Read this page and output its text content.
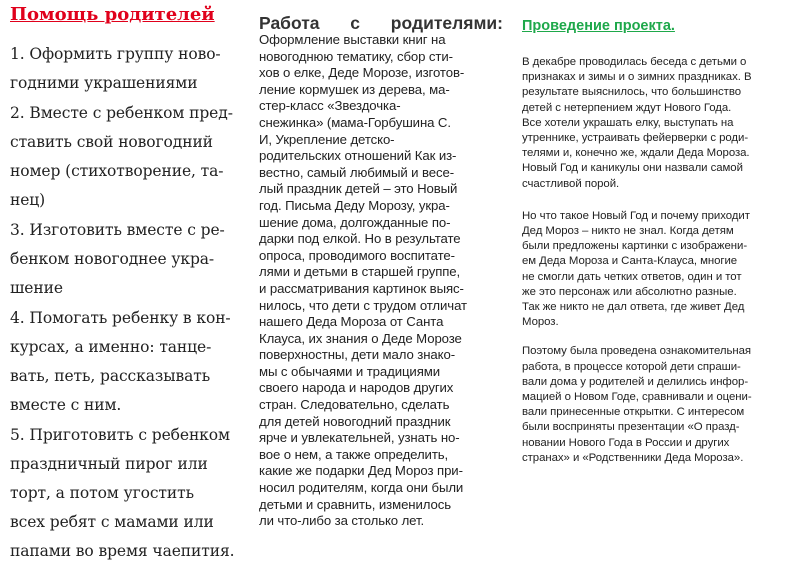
Помощь родителей

1. Оформить группу ново-
годними украшениями

2. Вместе с ребенком пред-
ставить свой новогодний
номер (стихотворение, та-
нец)

3. Изготовить вместе с ре-
бенком новогоднее укра-
шение

4. Помогать ребенку в кон-
курсах, а именно: танце-
вать, петь, рассказывать
вместе с ним.

5. Приготовить с ребенком
праздничный пирог или
торт, а потом угостить
всех ребят с мамами или
папами во время чаепития.

Работа с родителями:

Оформление выставки книг на
новогоднюю тематику, сбор сти-
хов о елке, Деде Морозе, изготов-
ление кормушек из дерева, ма-
стер-класс «Звездочка-
снежинка» (мама-Горбушина С.
И, Укрепление детско-
родительских отношений Как из-
вестно, самый любимый и весе-
лый праздник детей – это Новый
год. Письма Деду Морозу, укра-
шение дома, долгожданные по-
дарки под елкой. Но в результате
опроса, проводимого воспитате-
лями и детьми в старшей группе,
и рассматривания картинок выяс-
нилось, что дети с трудом отличат
нашего Деда Мороза от Санта
Клауса, их знания о Деде Морозе
поверхностны, дети мало знако-
мы с обычаями и традициями
своего народа и народов других
стран. Следовательно, сделать
для детей новогодний праздник
ярче и увлекательней, узнать но-
вое о нем, а также определить,
какие же подарки Дед Мороз при-
носил родителям, когда они были
детьми и сравнить, изменилось
ли что-либо за столько лет.

Проведение проекта.

В декабре проводилась беседа с детьми о
признаках и зимы и о зимних праздниках. В
результате выяснилось, что большинство
детей с нетерпением ждут Нового Года.
Все хотели украшать елку, выступать на
утреннике, устраивать фейерверки с роди-
телями и, конечно же, ждали Деда Мороза.
Новый Год и каникулы они назвали самой
счастливой порой.

Но что такое Новый Год и почему приходит
Дед Мороз – никто не знал. Когда детям
были предложены картинки с изображени-
ем Деда Мороза и Санта-Клауса, многие
не смогли дать четких ответов, один и тот
же это персонаж или абсолютно разные.
Так же никто не дал ответа, где живет Дед
Мороз.

Поэтому была проведена ознакомительная
работа, в процессе которой дети спраши-
вали дома у родителей и делились инфор-
мацией о Новом Годе, сравнивали и оцени-
вали принесенные открытки. С интересом
были восприняты презентации «О празд-
новании Нового Года в России и других
странах» и «Родственники Деда Мороза».
